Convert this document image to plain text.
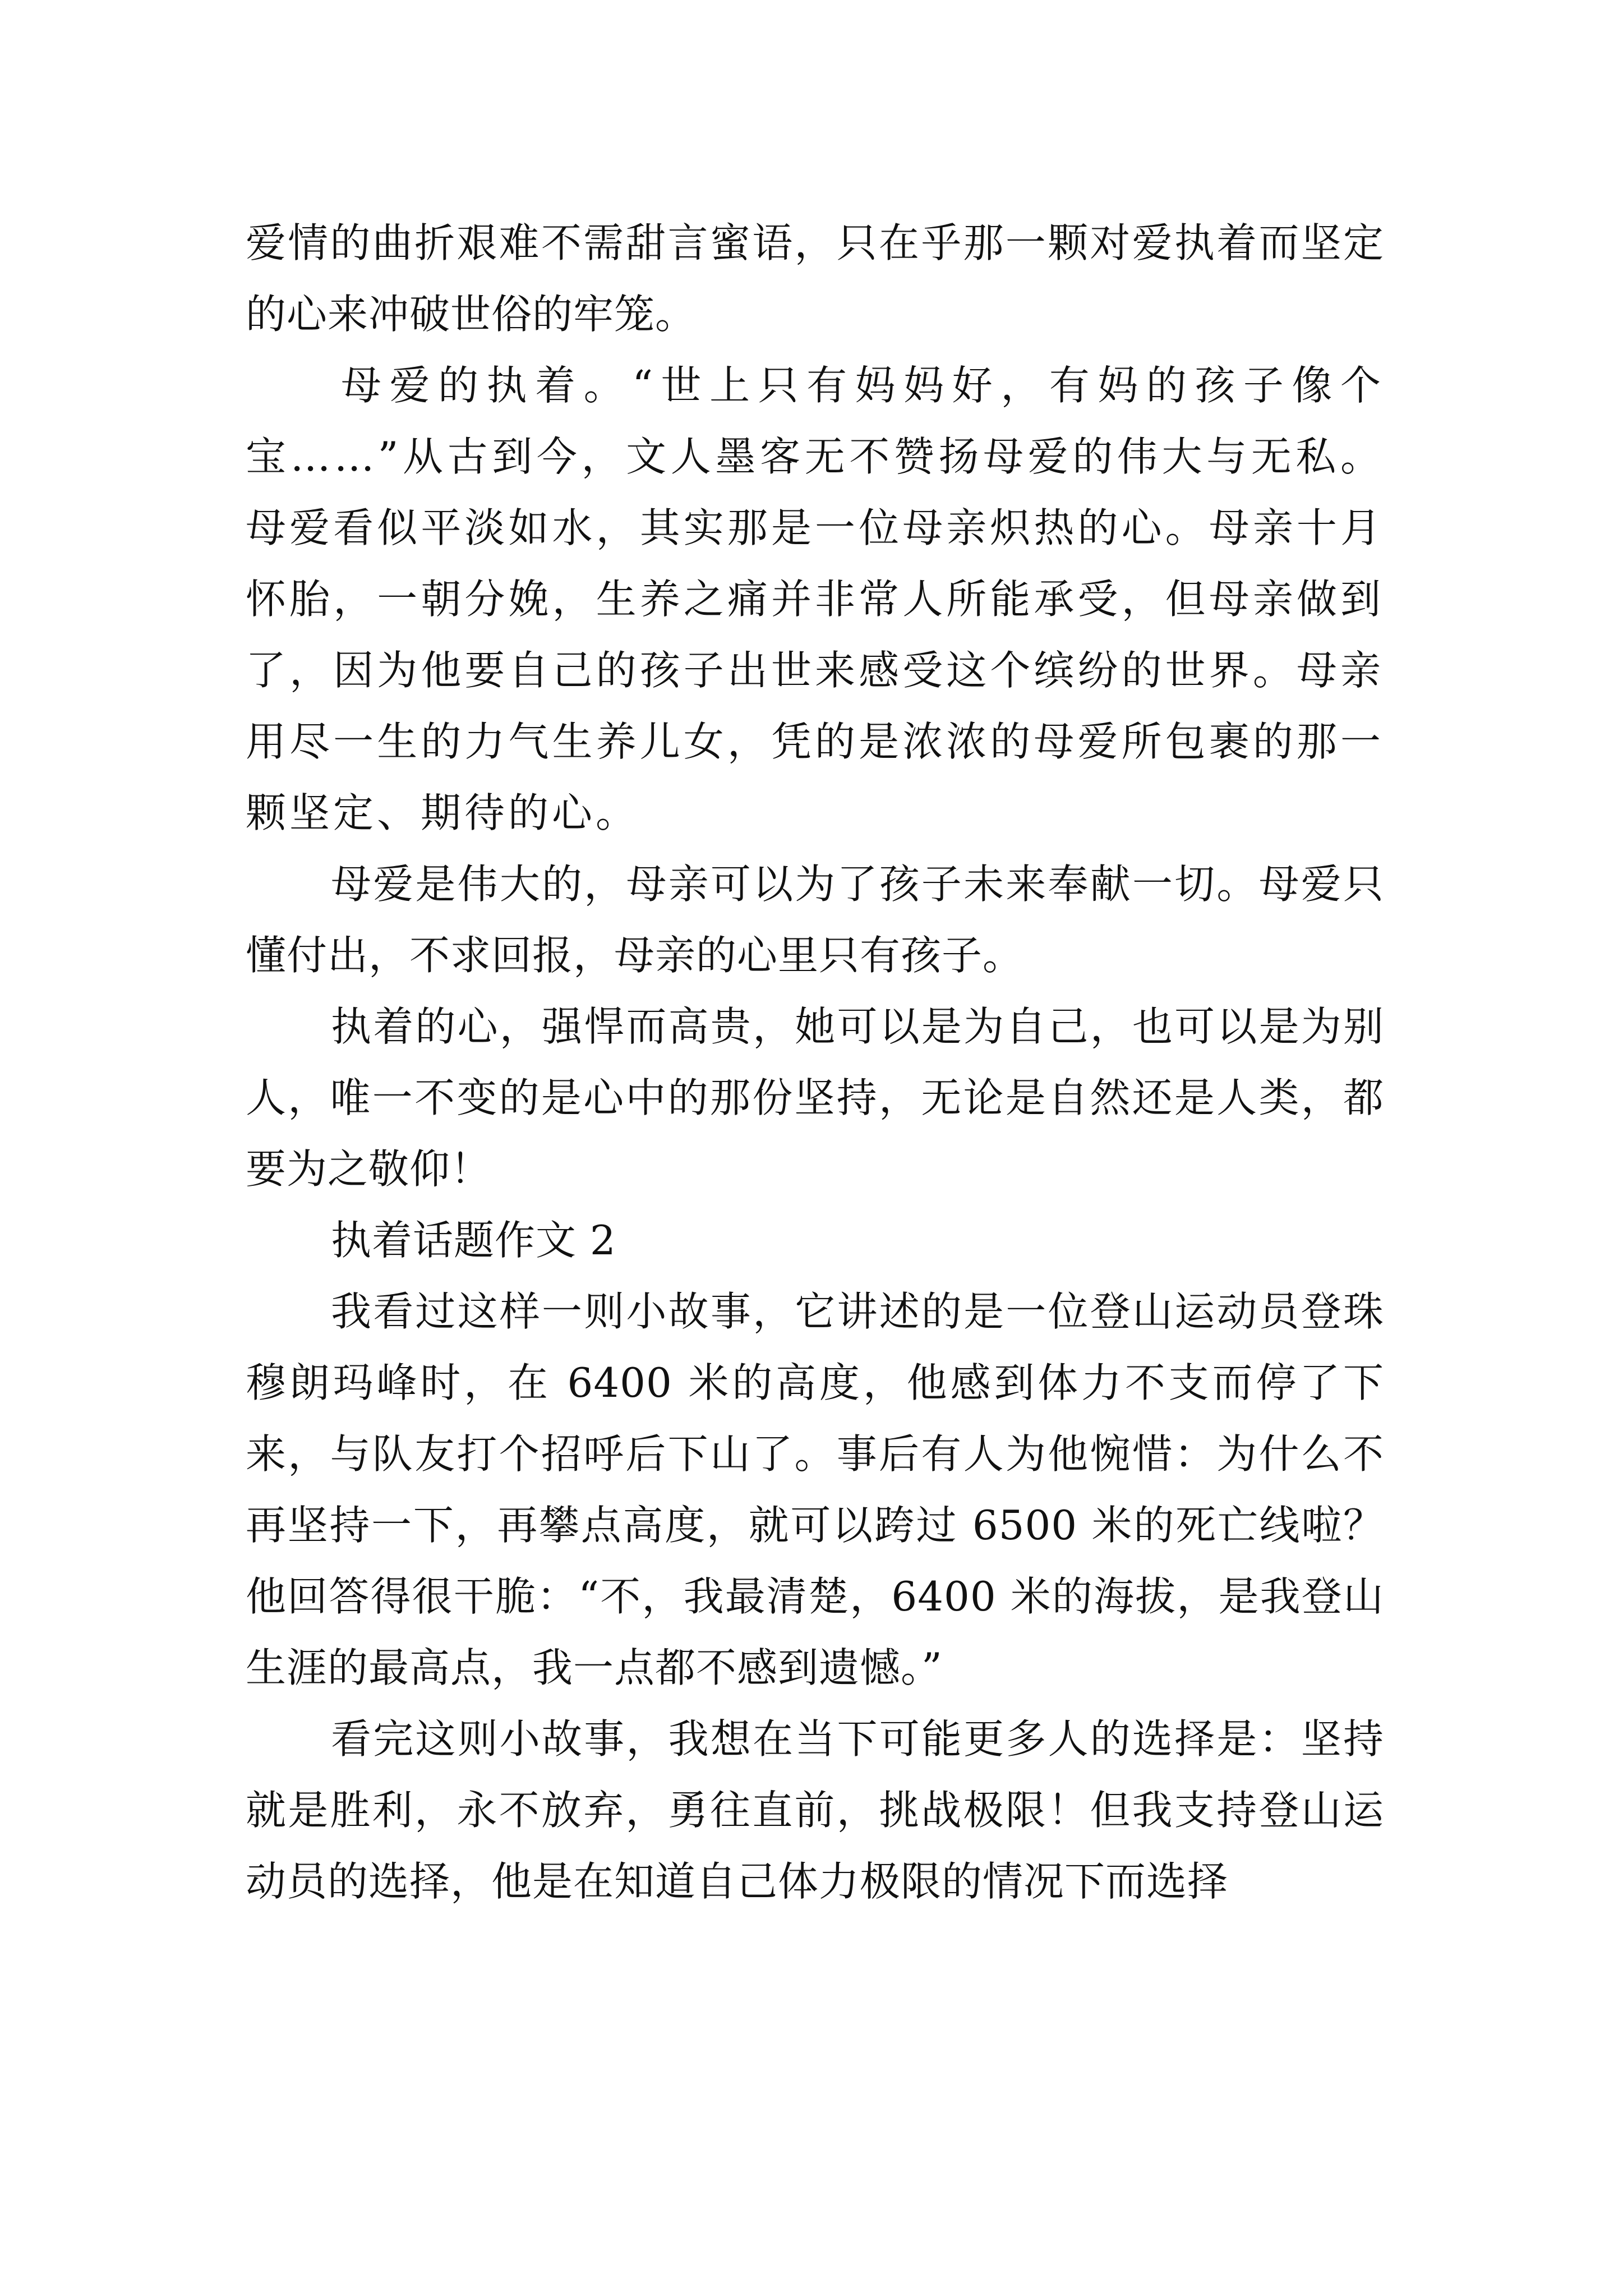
爱情的曲折艰难不需甜言蜜语，只在乎那一颗对爱执着而坚定的心来冲破世俗的牢笼。

母爱的执着。“世上只有妈妈好，有妈的孩子像个宝……”从古到今，文人墨客无不赞扬母爱的伟大与无私。母爱看似平淡如水，其实那是一位母亲炽热的心。母亲十月怀胎，一朝分娩，生养之痛并非常人所能承受，但母亲做到了，因为他要自己的孩子出世来感受这个缤纷的世界。母亲用尽一生的力气生养儿女，凭的是浓浓的母爱所包裹的那一颗坚定、期待的心。

母爱是伟大的，母亲可以为了孩子未来奉献一切。母爱只懂付出，不求回报，母亲的心里只有孩子。

执着的心，强悍而高贵，她可以是为自己，也可以是为别人，唯一不变的是心中的那份坚持，无论是自然还是人类，都要为之敬仰！

执着话题作文 2

我看过这样一则小故事，它讲述的是一位登山运动员登珠穆朗玛峰时，在 6400 米的高度，他感到体力不支而停了下来，与队友打个招呼后下山了。事后有人为他惋惜：为什么不再坚持一下，再攀点高度，就可以跨过 6500 米的死亡线啦？他回答得很干脆：“不，我最清楚，6400 米的海拔，是我登山生涯的最高点，我一点都不感到遗憾。”

看完这则小故事，我想在当下可能更多人的选择是：坚持就是胜利，永不放弃，勇往直前，挑战极限！但我支持登山运动员的选择，他是在知道自己体力极限的情况下而选择
